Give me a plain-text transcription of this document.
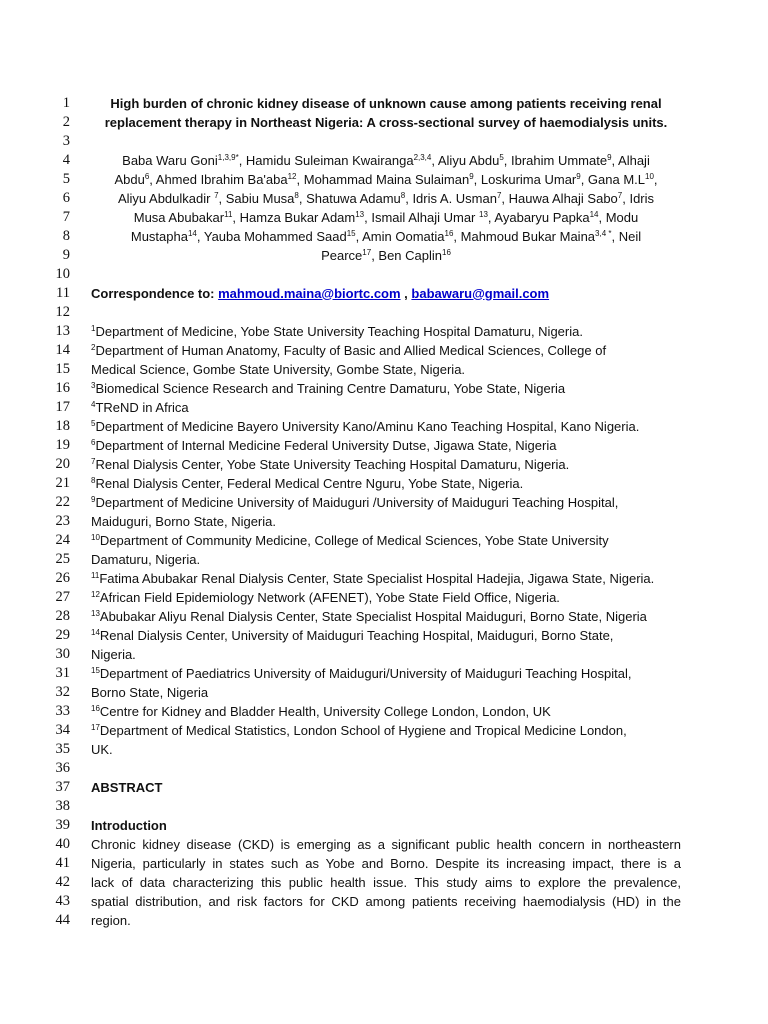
1	High burden of chronic kidney disease of unknown cause among patients receiving renal
2	replacement therapy in Northeast Nigeria: A cross-sectional survey of haemodialysis units.
3
4	Baba Waru Goni$^{1,3,9*}$, Hamidu Suleiman Kwairanga$^{2,3,4}$, Aliyu Abdu$^5$, Ibrahim Ummate$^9$, Alhaji
5	Abdu$^6$, Ahmed Ibrahim Ba'aba$^{12}$, Mohammad Maina Sulaiman$^9$, Loskurima Umar$^9$, Gana $M.L^{10}$,
6	Aliyu Abdulkadir $^7$, Sabiu Musa$^8$, Shatuwa Adamu$^8$, Idris A. Usman$^7$, Hauwa Alhaji Sabo$^7$, Idris
7	Musa Abubakar$^{11}$, Hamza Bukar Adam$^{13}$, Ismail Alhaji Umar $^{13}$, Ayabaryu Papka$^{14}$, Modu
8	Mustapha$^{14}$, Yauba Mohammed Saad$^{15}$, Amin Oomatia$^{16}$, Mahmoud Bukar Maina$^{3,4 *}$, Neil
9	Pearce$^{17}$, Ben Caplin$^{16}$
10
11 Correspondence to: mahmoud.maina@biortc.com , babawaru@gmail.com
12
13	$^1$Department of Medicine, Yobe State University Teaching Hospital Damaturu, Nigeria.
14	$^2$Department of Human Anatomy, Faculty of Basic and Allied Medical Sciences, College of
15 Medical Science, Gombe State University, Gombe State, Nigeria.
16	$^3$Biomedical Science Research and Training Centre Damaturu, Yobe State, Nigeria
17	$^4$TReND in Africa
18	$^5$Department of Medicine Bayero University Kano/Aminu Kano Teaching Hospital, Kano Nigeria.
19	$^6$Department of Internal Medicine Federal University Dutse, Jigawa State, Nigeria
20	$^7$Renal Dialysis Center, Yobe State University Teaching Hospital Damaturu, Nigeria.
21	$^8$Renal Dialysis Center, Federal Medical Centre Nguru, Yobe State, Nigeria.
22	$^9$Department of Medicine University of Maiduguri /University of Maiduguri Teaching Hospital,
23 Maiduguri, Borno State, Nigeria.
24	$^{10}$Department of Community Medicine, College of Medical Sciences, Yobe State University
25 Damaturu, Nigeria.
26	$^{11}$Fatima Abubakar Renal Dialysis Center, State Specialist Hospital Hadejia, Jigawa State, Nigeria.
27	$^{12}$African Field Epidemiology Network (AFENET), Yobe State Field Office, Nigeria.
28	$^{13}$Abubakar Aliyu Renal Dialysis Center, State Specialist Hospital Maiduguri, Borno State, Nigeria
29	$^{14}$Renal Dialysis Center, University of Maiduguri Teaching Hospital, Maiduguri, Borno State,
30 Nigeria.
31	$^{15}$Department of Paediatrics University of Maiduguri/University of Maiduguri Teaching Hospital,
32 Borno State, Nigeria
33	$^{16}$Centre for Kidney and Bladder Health, University College London, London, UK
34	$^{17}$Department of Medical Statistics, London School of Hygiene and Tropical Medicine London,
35 UK.
36
37 ABSTRACT
38
39 Introduction
40 Chronic kidney disease (CKD) is emerging as a significant public health concern in northeastern
41 Nigeria, particularly in states such as Yobe and Borno. Despite its increasing impact, there is a
42 lack of data characterizing this public health issue. This study aims to explore the prevalence,
43 spatial distribution, and risk factors for CKD among patients receiving haemodialysis (HD) in the
44 region.
